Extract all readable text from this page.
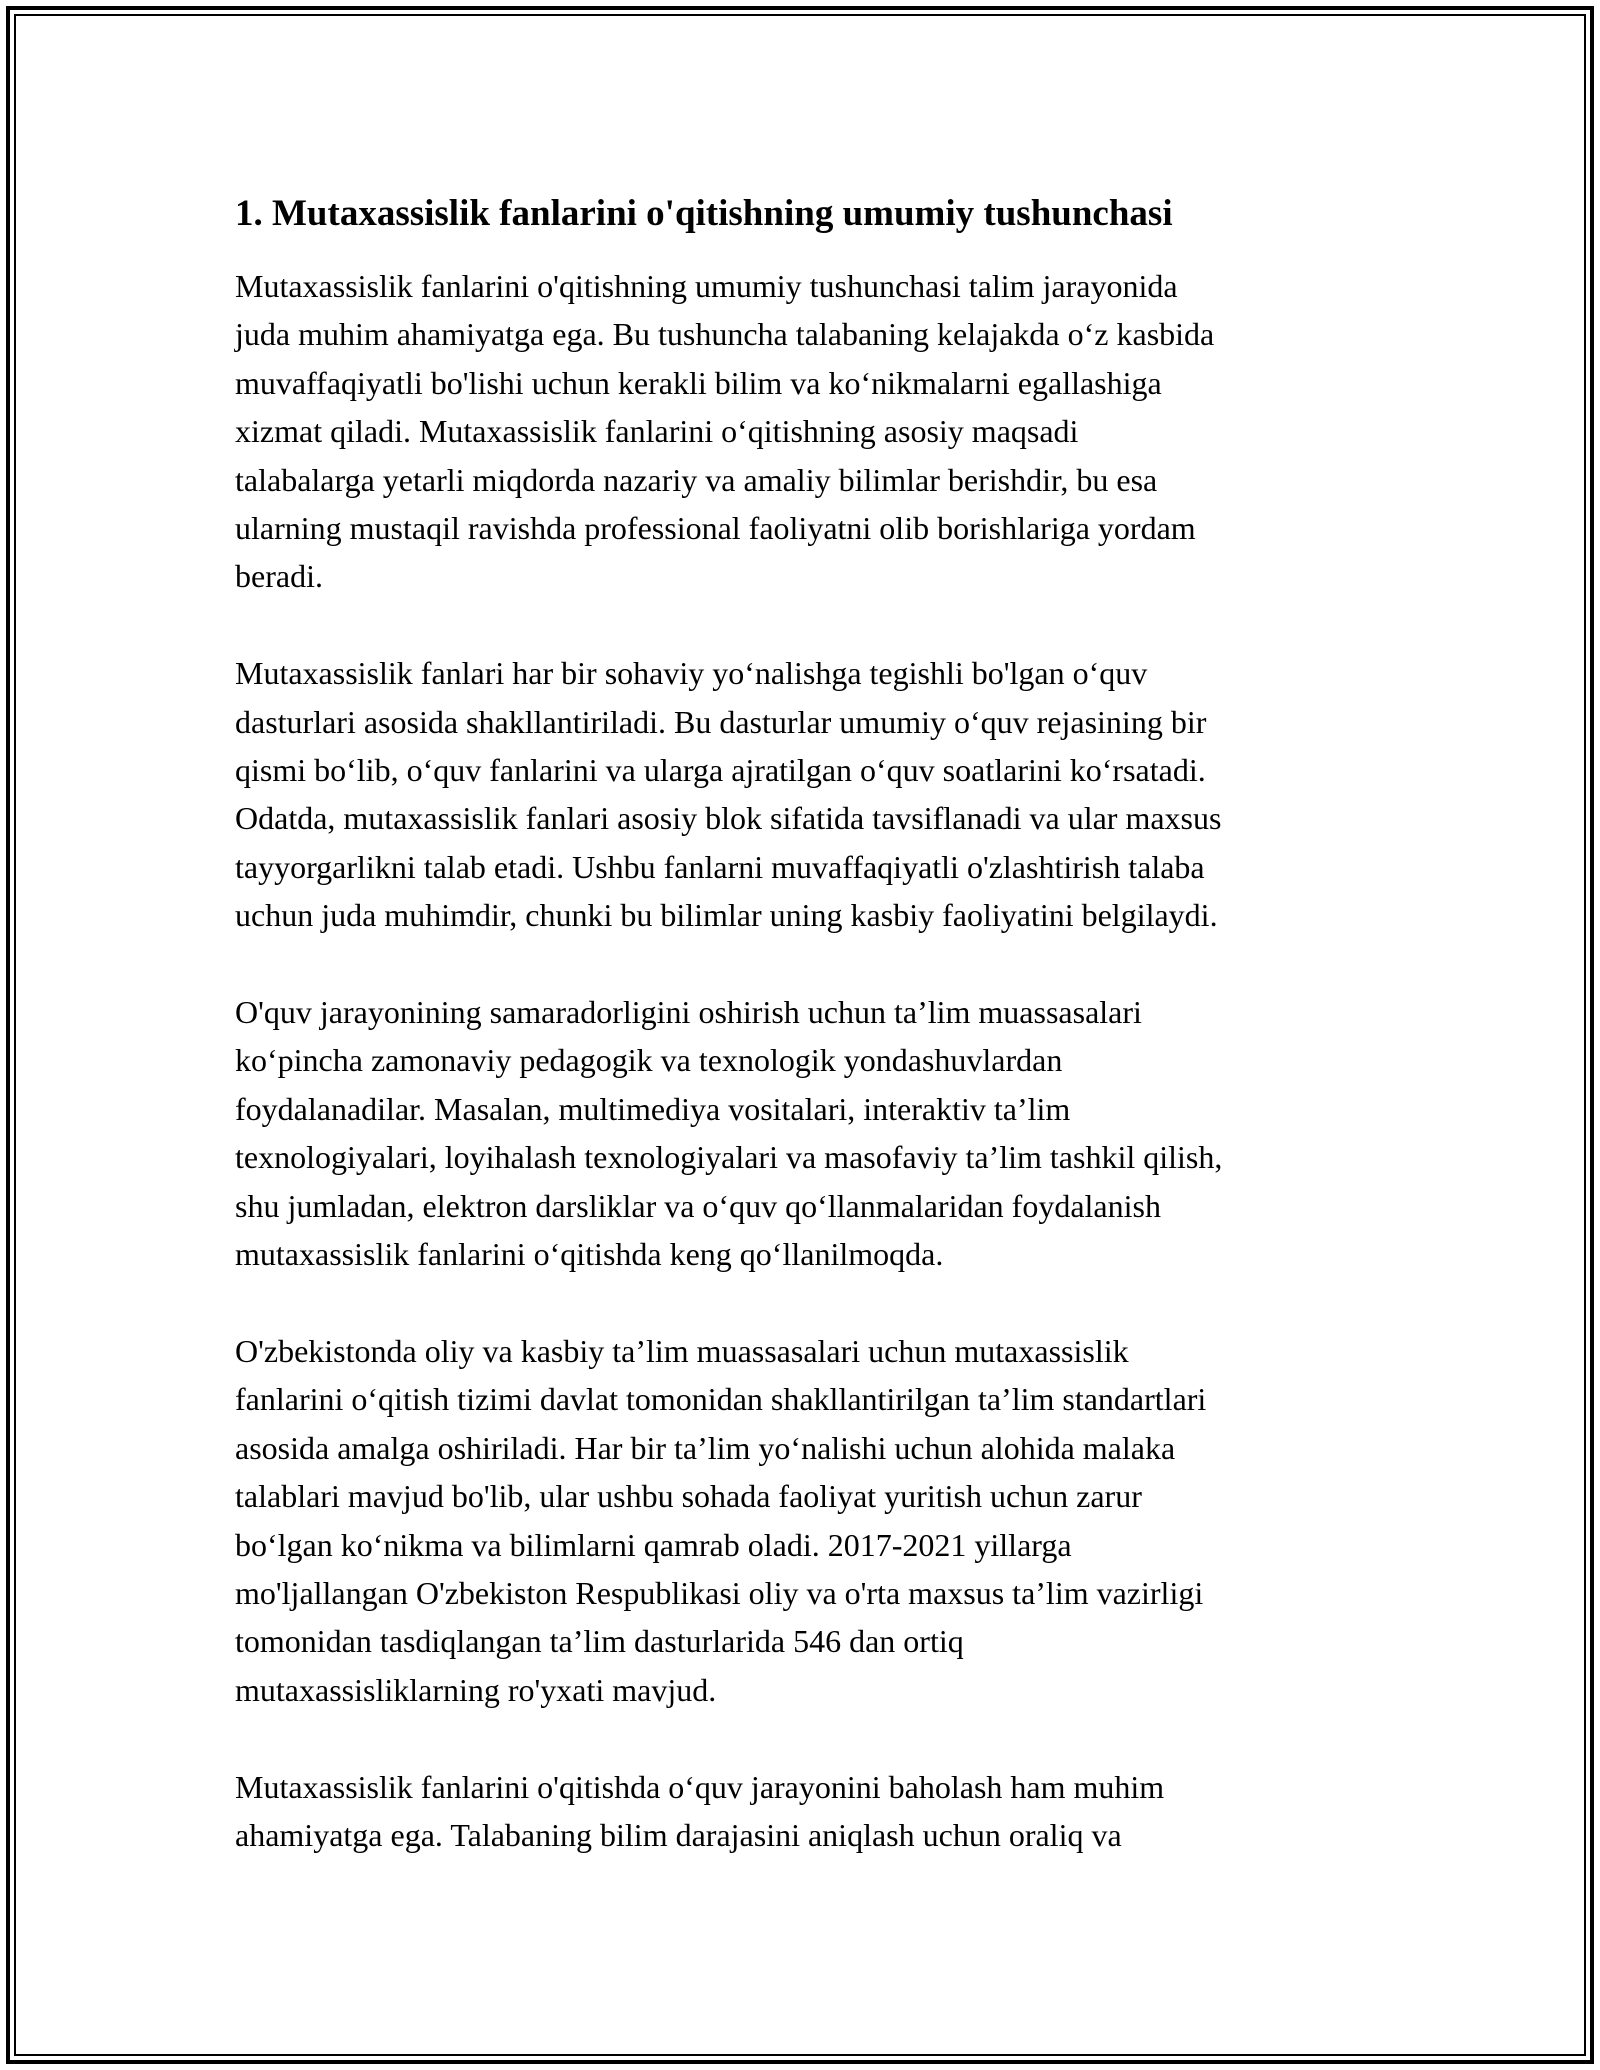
1. Mutaxassislik fanlarini o'qitishning umumiy tushunchasi

Mutaxassislik fanlarini o'qitishning umumiy tushunchasi talim jarayonida
juda muhim ahamiyatga ega. Bu tushuncha talabaning kelajakda o‘z kasbida
muvaffaqiyatli bo'lishi uchun kerakli bilim va ko‘nikmalarni egallashiga
xizmat qiladi. Mutaxassislik fanlarini o‘qitishning asosiy maqsadi
talabalarga yetarli miqdorda nazariy va amaliy bilimlar berishdir, bu esa
ularning mustaqil ravishda professional faoliyatni olib borishlariga yordam
beradi.

Mutaxassislik fanlari har bir sohaviy yo‘nalishga tegishli bo'lgan o‘quv
dasturlari asosida shakllantiriladi. Bu dasturlar umumiy o‘quv rejasining bir
qismi bo‘lib, o‘quv fanlarini va ularga ajratilgan o‘quv soatlarini ko‘rsatadi.
Odatda, mutaxassislik fanlari asosiy blok sifatida tavsiflanadi va ular maxsus
tayyorgarlikni talab etadi. Ushbu fanlarni muvaffaqiyatli o'zlashtirish talaba
uchun juda muhimdir, chunki bu bilimlar uning kasbiy faoliyatini belgilaydi.

O'quv jarayonining samaradorligini oshirish uchun ta’lim muassasalari
ko‘pincha zamonaviy pedagogik va texnologik yondashuvlardan
foydalanadilar. Masalan, multimediya vositalari, interaktiv ta’lim
texnologiyalari, loyihalash texnologiyalari va masofaviy ta’lim tashkil qilish,
shu jumladan, elektron darsliklar va o‘quv qo‘llanmalaridan foydalanish
mutaxassislik fanlarini o‘qitishda keng qo‘llanilmoqda.

O'zbekistonda oliy va kasbiy ta’lim muassasalari uchun mutaxassislik
fanlarini o‘qitish tizimi davlat tomonidan shakllantirilgan ta’lim standartlari
asosida amalga oshiriladi. Har bir ta’lim yo‘nalishi uchun alohida malaka
talablari mavjud bo'lib, ular ushbu sohada faoliyat yuritish uchun zarur
bo‘lgan ko‘nikma va bilimlarni qamrab oladi. 2017-2021 yillarga
mo'ljallangan O'zbekiston Respublikasi oliy va o'rta maxsus ta’lim vazirligi
tomonidan tasdiqlangan ta’lim dasturlarida 546 dan ortiq
mutaxassisliklarning ro'yxati mavjud.

Mutaxassislik fanlarini o'qitishda o‘quv jarayonini baholash ham muhim
ahamiyatga ega. Talabaning bilim darajasini aniqlash uchun oraliq va
